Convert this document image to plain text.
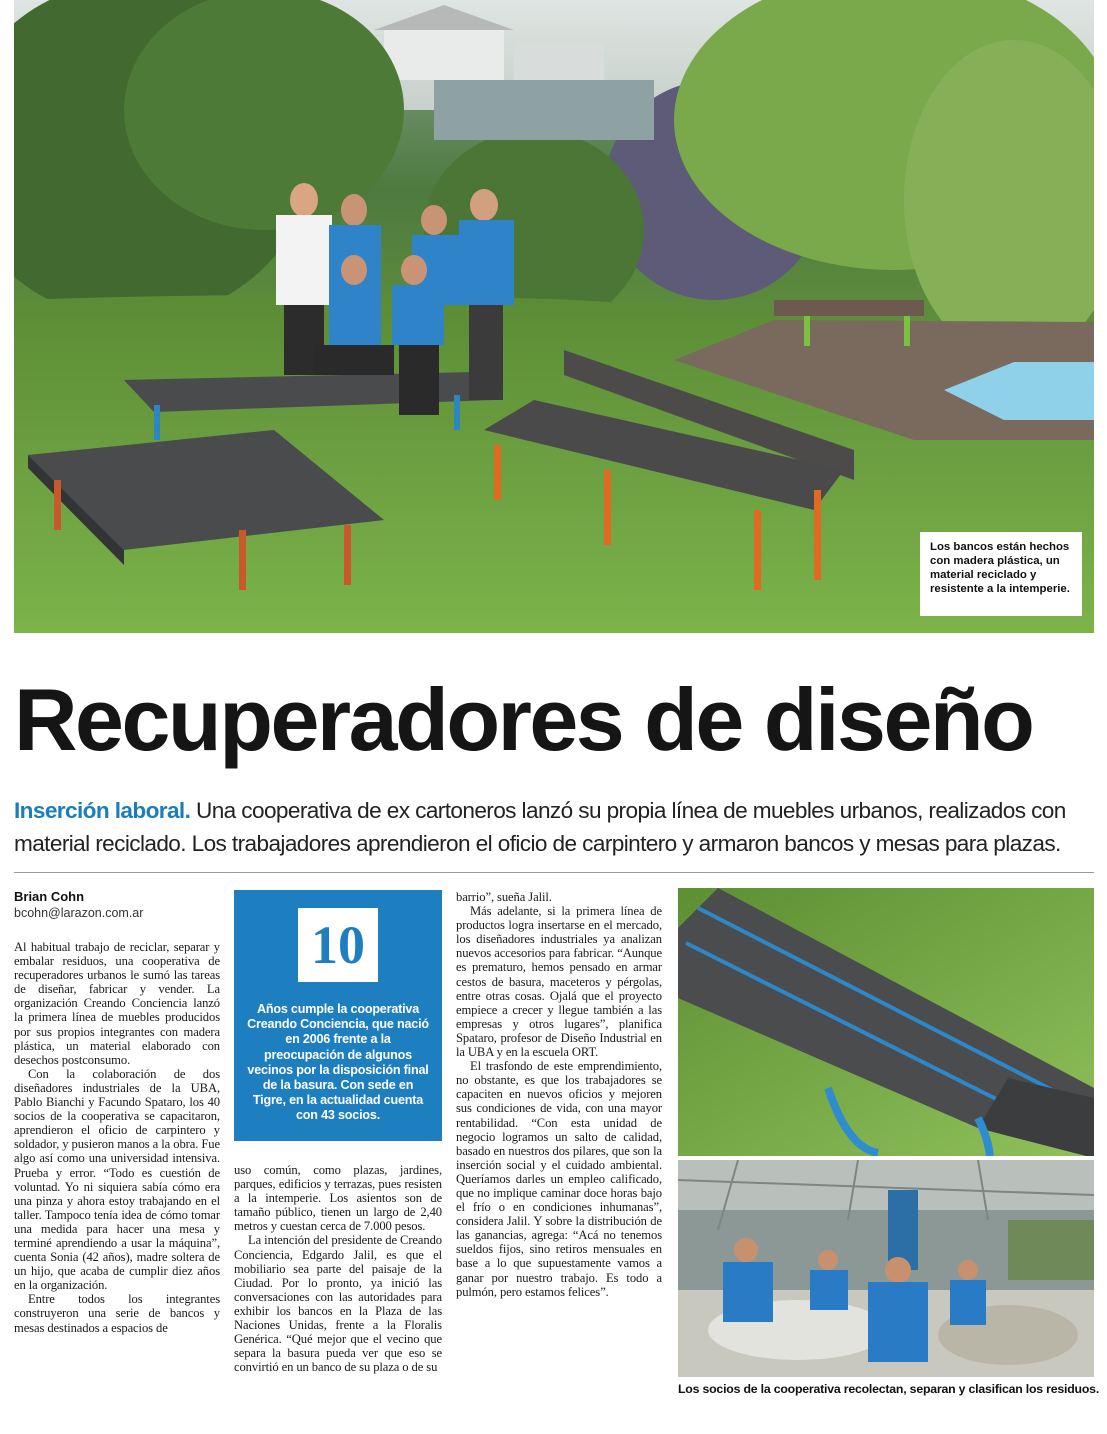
Los bancos están hechos con madera plástica, un material reciclado y resistente a la intemperie.
Recuperadores de diseño
Inserción laboral. Una cooperativa de ex cartoneros lanzó su propia línea de muebles urbanos, realizados con material reciclado. Los trabajadores aprendieron el oficio de carpintero y armaron bancos y mesas para plazas.
Brian Cohn
bcohn@larazon.com.ar

Al habitual trabajo de reciclar, separar y embalar residuos, una cooperativa de recuperadores urbanos le sumó las tareas de diseñar, fabricar y vender. La organización Creando Conciencia lanzó la primera línea de muebles producidos por sus propios integrantes con madera plástica, un material elaborado con desechos postconsumo.

Con la colaboración de dos diseñadores industriales de la UBA, Pablo Bianchi y Facundo Spataro, los 40 socios de la cooperativa se capacitaron, aprendieron el oficio de carpintero y soldador, y pusieron manos a la obra. Fue algo así como una universidad intensiva. Prueba y error. “Todo es cuestión de voluntad. Yo ni siquiera sabía cómo era una pinza y ahora estoy trabajando en el taller. Tampoco tenía idea de cómo tomar una medida para hacer una mesa y terminé aprendiendo a usar la máquina”, cuenta Sonia (42 años), madre soltera de un hijo, que acaba de cumplir diez años en la organización.

Entre todos los integrantes construyeron una serie de bancos y mesas destinados a espacios de

10
Años cumple la cooperativa Creando Conciencia, que nació en 2006 frente a la preocupación de algunos vecinos por la disposición final de la basura. Con sede en Tigre, en la actualidad cuenta con 43 socios.

uso común, como plazas, jardines, parques, edificios y terrazas, pues resisten a la intemperie. Los asientos son de tamaño público, tienen un largo de 2,40 metros y cuestan cerca de 7.000 pesos.

La intención del presidente de Creando Conciencia, Edgardo Jalil, es que el mobiliario sea parte del paisaje de la Ciudad. Por lo pronto, ya inició las conversaciones con las autoridades para exhibir los bancos en la Plaza de las Naciones Unidas, frente a la Floralis Genérica. “Qué mejor que el vecino que separa la basura pueda ver que eso se convirtió en un banco de su plaza o de su

barrio”, sueña Jalil.

Más adelante, si la primera línea de productos logra insertarse en el mercado, los diseñadores industriales ya analizan nuevos accesorios para fabricar. “Aunque es prematuro, hemos pensado en armar cestos de basura, maceteros y pérgolas, entre otras cosas. Ojalá que el proyecto empiece a crecer y llegue también a las empresas y otros lugares”, planifica Spataro, profesor de Diseño Industrial en la UBA y en la escuela ORT.

El trasfondo de este emprendimiento, no obstante, es que los trabajadores se capaciten en nuevos oficios y mejoren sus condiciones de vida, con una mayor rentabilidad. “Con esta unidad de negocio logramos un salto de calidad, basado en nuestros dos pilares, que son la inserción social y el cuidado ambiental. Queríamos darles un empleo calificado, que no implique caminar doce horas bajo el frío o en condiciones inhumanas”, considera Jalil. Y sobre la distribución de las ganancias, agrega: “Acá no tenemos sueldos fijos, sino retiros mensuales en base a lo que supuestamente vamos a ganar por nuestro trabajo. Es todo a pulmón, pero estamos felices”.

Los socios de la cooperativa recolectan, separan y clasifican los residuos.
